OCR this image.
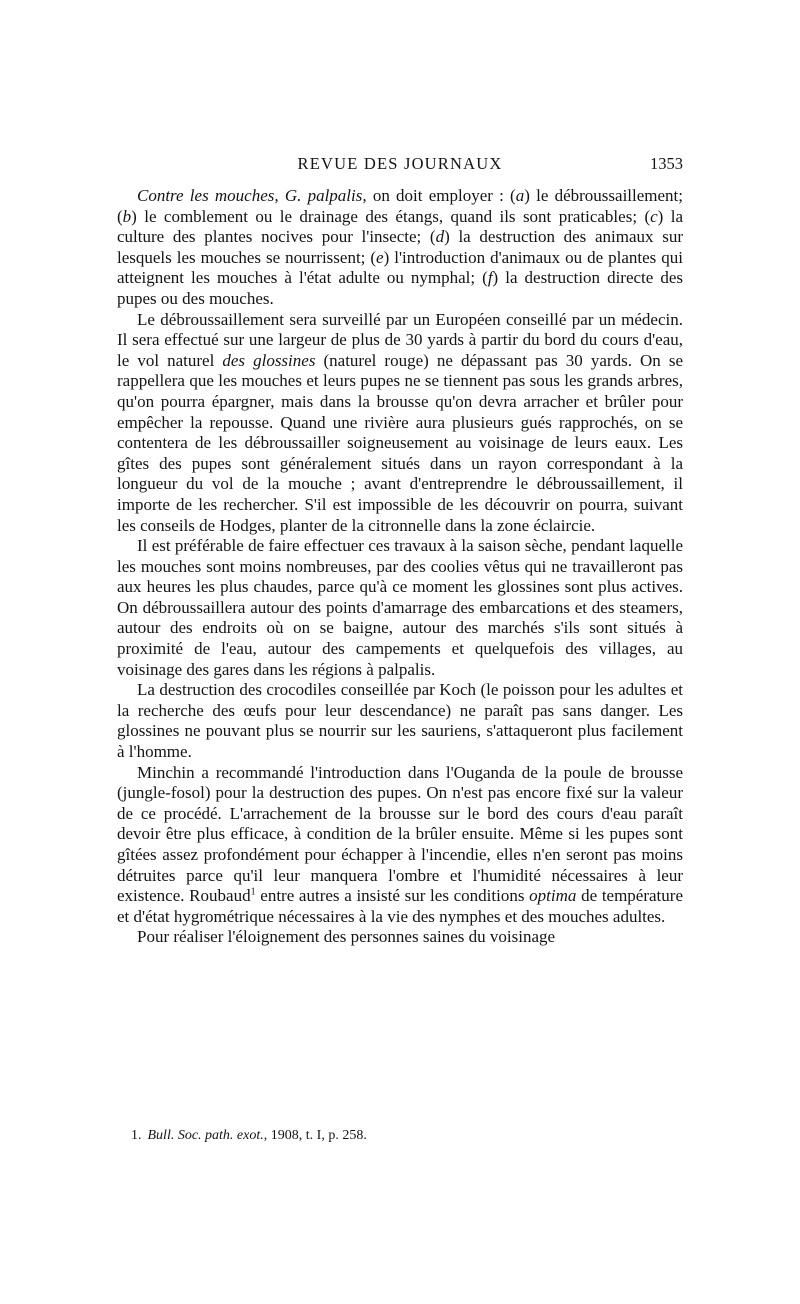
REVUE DES JOURNAUX	1353

Contre les mouches, G. palpalis, on doit employer : (a) le débroussaillement; (b) le comblement ou le drainage des étangs, quand ils sont praticables; (c) la culture des plantes nocives pour l'insecte; (d) la destruction des animaux sur lesquels les mouches se nourrissent; (e) l'introduction d'animaux ou de plantes qui atteignent les mouches à l'état adulte ou nymphal; (f) la destruction directe des pupes ou des mouches.

Le débroussaillement sera surveillé par un Européen conseillé par un médecin. Il sera effectué sur une largeur de plus de 30 yards à partir du bord du cours d'eau, le vol naturel des glossines (naturel rouge) ne dépassant pas 30 yards. On se rappellera que les mouches et leurs pupes ne se tiennent pas sous les grands arbres, qu'on pourra épargner, mais dans la brousse qu'on devra arracher et brûler pour empêcher la repousse. Quand une rivière aura plusieurs gués rapprochés, on se contentera de les débroussailler soigneusement au voisinage de leurs eaux. Les gîtes des pupes sont généralement situés dans un rayon correspondant à la longueur du vol de la mouche ; avant d'entreprendre le débroussaillement, il importe de les rechercher. S'il est impossible de les découvrir on pourra, suivant les conseils de Hodges, planter de la citronnelle dans la zone éclaircie.

Il est préférable de faire effectuer ces travaux à la saison sèche, pendant laquelle les mouches sont moins nombreuses, par des coolies vêtus qui ne travailleront pas aux heures les plus chaudes, parce qu'à ce moment les glossines sont plus actives. On débroussaillera autour des points d'amarrage des embarcations et des steamers, autour des endroits où on se baigne, autour des marchés s'ils sont situés à proximité de l'eau, autour des campements et quelquefois des villages, au voisinage des gares dans les régions à palpalis.

La destruction des crocodiles conseillée par Koch (le poisson pour les adultes et la recherche des œufs pour leur descendance) ne paraît pas sans danger. Les glossines ne pouvant plus se nourrir sur les sauriens, s'attaqueront plus facilement à l'homme.

Minchin a recommandé l'introduction dans l'Ouganda de la poule de brousse (jungle-fosol) pour la destruction des pupes. On n'est pas encore fixé sur la valeur de ce procédé. L'arrachement de la brousse sur le bord des cours d'eau paraît devoir être plus efficace, à condition de la brûler ensuite. Même si les pupes sont gîtées assez profondément pour échapper à l'incendie, elles n'en seront pas moins détruites parce qu'il leur manquera l'ombre et l'humidité nécessaires à leur existence. Roubaud$^1$ entre autres a insisté sur les conditions optima de température et d'état hygrométrique nécessaires à la vie des nymphes et des mouches adultes.

Pour réaliser l'éloignement des personnes saines du voisinage

1. Bull. Soc. path. exot., 1908, t. I, p. 258.
